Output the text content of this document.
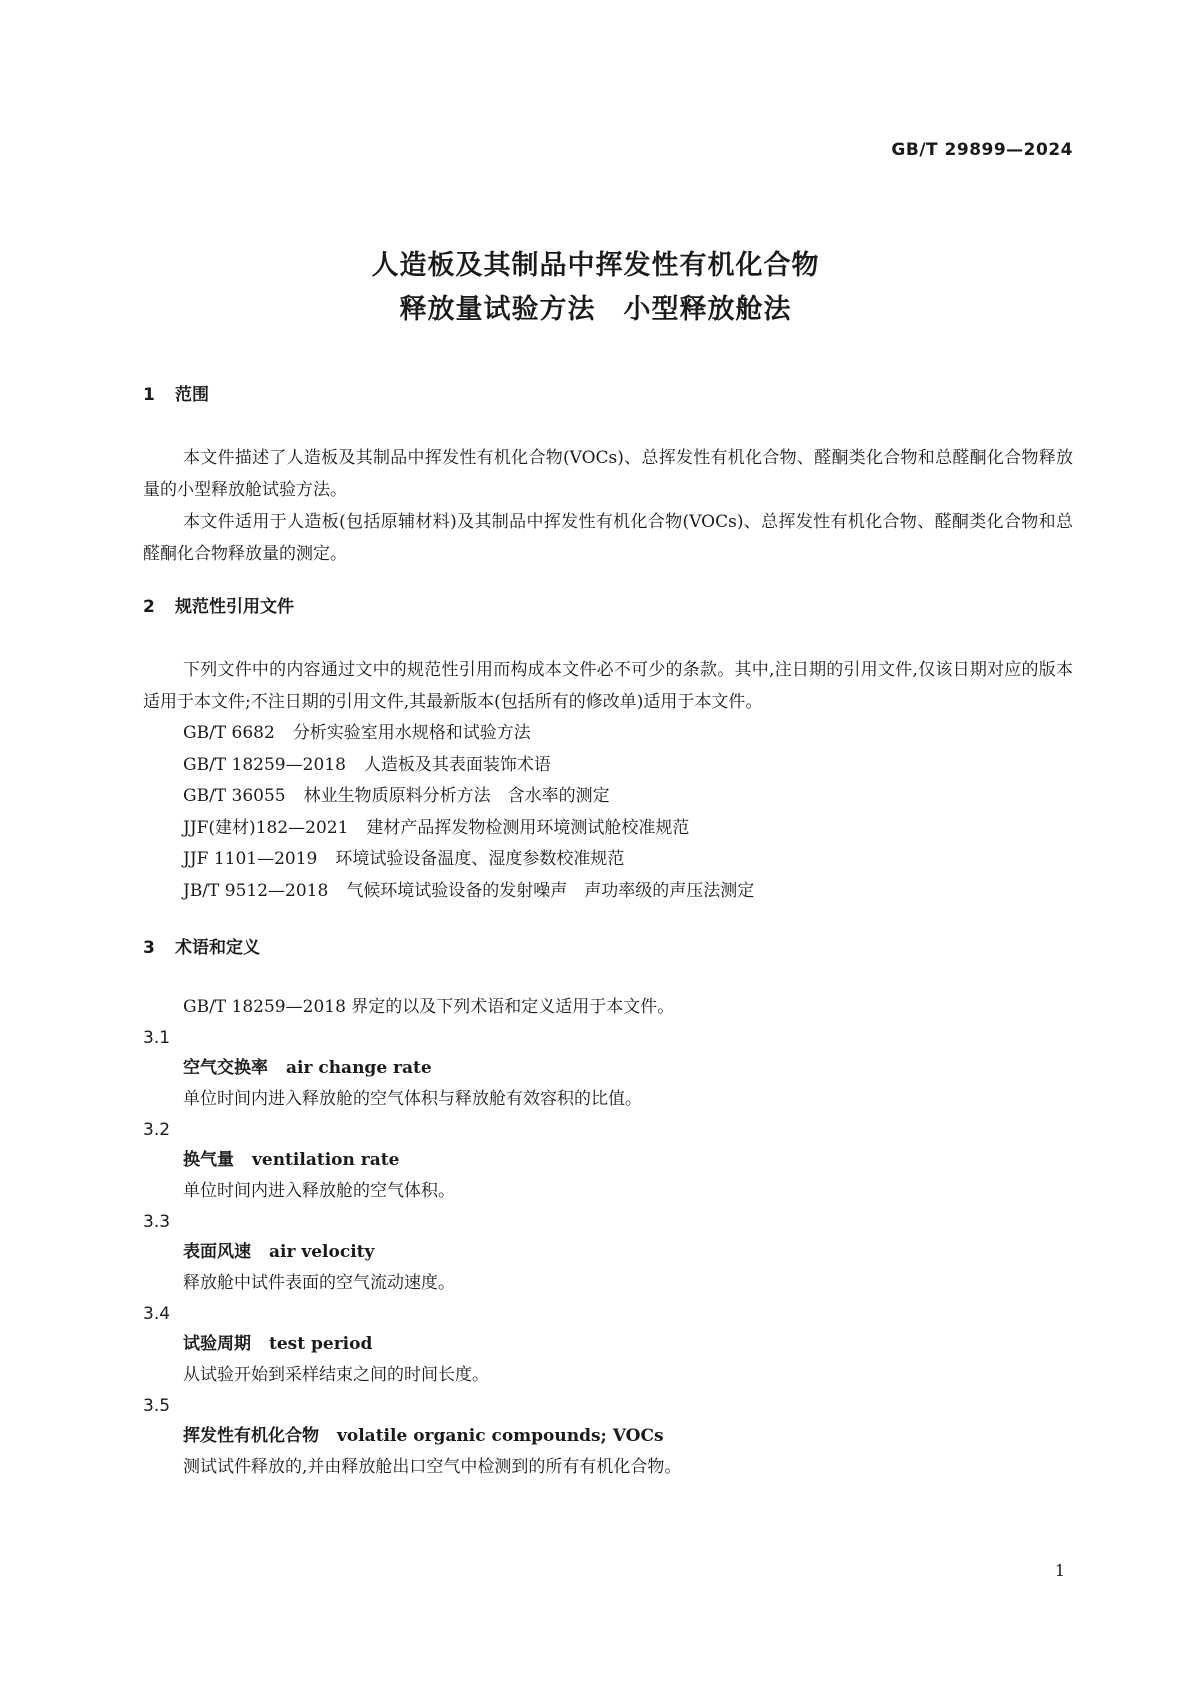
GB/T 29899—2024
人造板及其制品中挥发性有机化合物
释放量试验方法　小型释放舱法
1 范围

本文件描述了人造板及其制品中挥发性有机化合物(VOCs)、总挥发性有机化合物、醛酮类化合物和总醛酮化合物释放量的小型释放舱试验方法。

本文件适用于人造板(包括原辅材料)及其制品中挥发性有机化合物(VOCs)、总挥发性有机化合物、醛酮类化合物和总醛酮化合物释放量的测定。

2 规范性引用文件

下列文件中的内容通过文中的规范性引用而构成本文件必不可少的条款。其中,注日期的引用文件,仅该日期对应的版本适用于本文件;不注日期的引用文件,其最新版本(包括所有的修改单)适用于本文件。

GB/T 6682 分析实验室用水规格和试验方法
GB/T 18259—2018 人造板及其表面装饰术语
GB/T 36055 林业生物质原料分析方法　含水率的测定
JJF(建材)182—2021 建材产品挥发物检测用环境测试舱校准规范
JJF 1101—2019 环境试验设备温度、湿度参数校准规范
JB/T 9512—2018 气候环境试验设备的发射噪声　声功率级的声压法测定
3 术语和定义

GB/T 18259—2018 界定的以及下列术语和定义适用于本文件。

3.1
空气交换率 air change rate
单位时间内进入释放舱的空气体积与释放舱有效容积的比值。
3.2
换气量 ventilation rate
单位时间内进入释放舱的空气体积。
3.3
表面风速 air velocity
释放舱中试件表面的空气流动速度。
3.4
试验周期 test period
从试验开始到采样结束之间的时间长度。
3.5
挥发性有机化合物 volatile organic compounds; VOCs
测试试件释放的,并由释放舱出口空气中检测到的所有有机化合物。
1
